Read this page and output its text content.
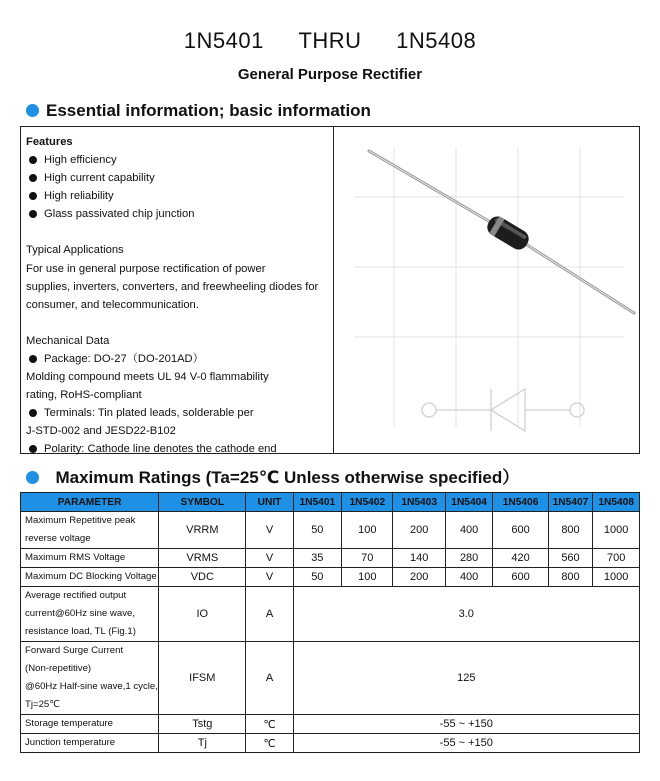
1N5401 THRU 1N5408
General Purpose Rectifier
Essential information; basic information
Features
High efficiency
High current capability
High reliability
Glass passivated chip junction
Typical Applications
For use in general purpose rectification of power
supplies, inverters, converters, and freewheeling diodes for
consumer, and telecommunication.
Mechanical Data
Package: DO-27（DO-201AD）
Molding compound meets UL 94 V-0 flammability
rating, RoHS-compliant
Terminals: Tin plated leads, solderable per
J-STD-002 and JESD22-B102
Polarity: Cathode line denotes the cathode end
Maximum Ratings (Ta=25℃ Unless otherwise specified）
PARAMETER	SYMBOL	UNIT	1N5401	1N5402	1N5403	1N5404	1N5406	1N5407	1N5408

Maximum Repetitive peak
reverse voltage	VRRM	V	50	100	200	400	600	800	1000
Maximum RMS Voltage	VRMS	V	35	70	140	280	420	560	700
Maximum DC Blocking Voltage	VDC	V	50	100	200	400	600	800	1000

Average rectified output
current@60Hz sine wave,
resistance load, TL (Fig.1)	IO	A	3.0						

Forward Surge Current
(Non-repetitive)
@60Hz Half-sine wave,1 cycle,
Tj=25℃	IFSM	A	125						
Storage temperature	Tstg	℃	-55 ~ +150						
Junction temperature	Tj	℃	-55 ~ +150						
